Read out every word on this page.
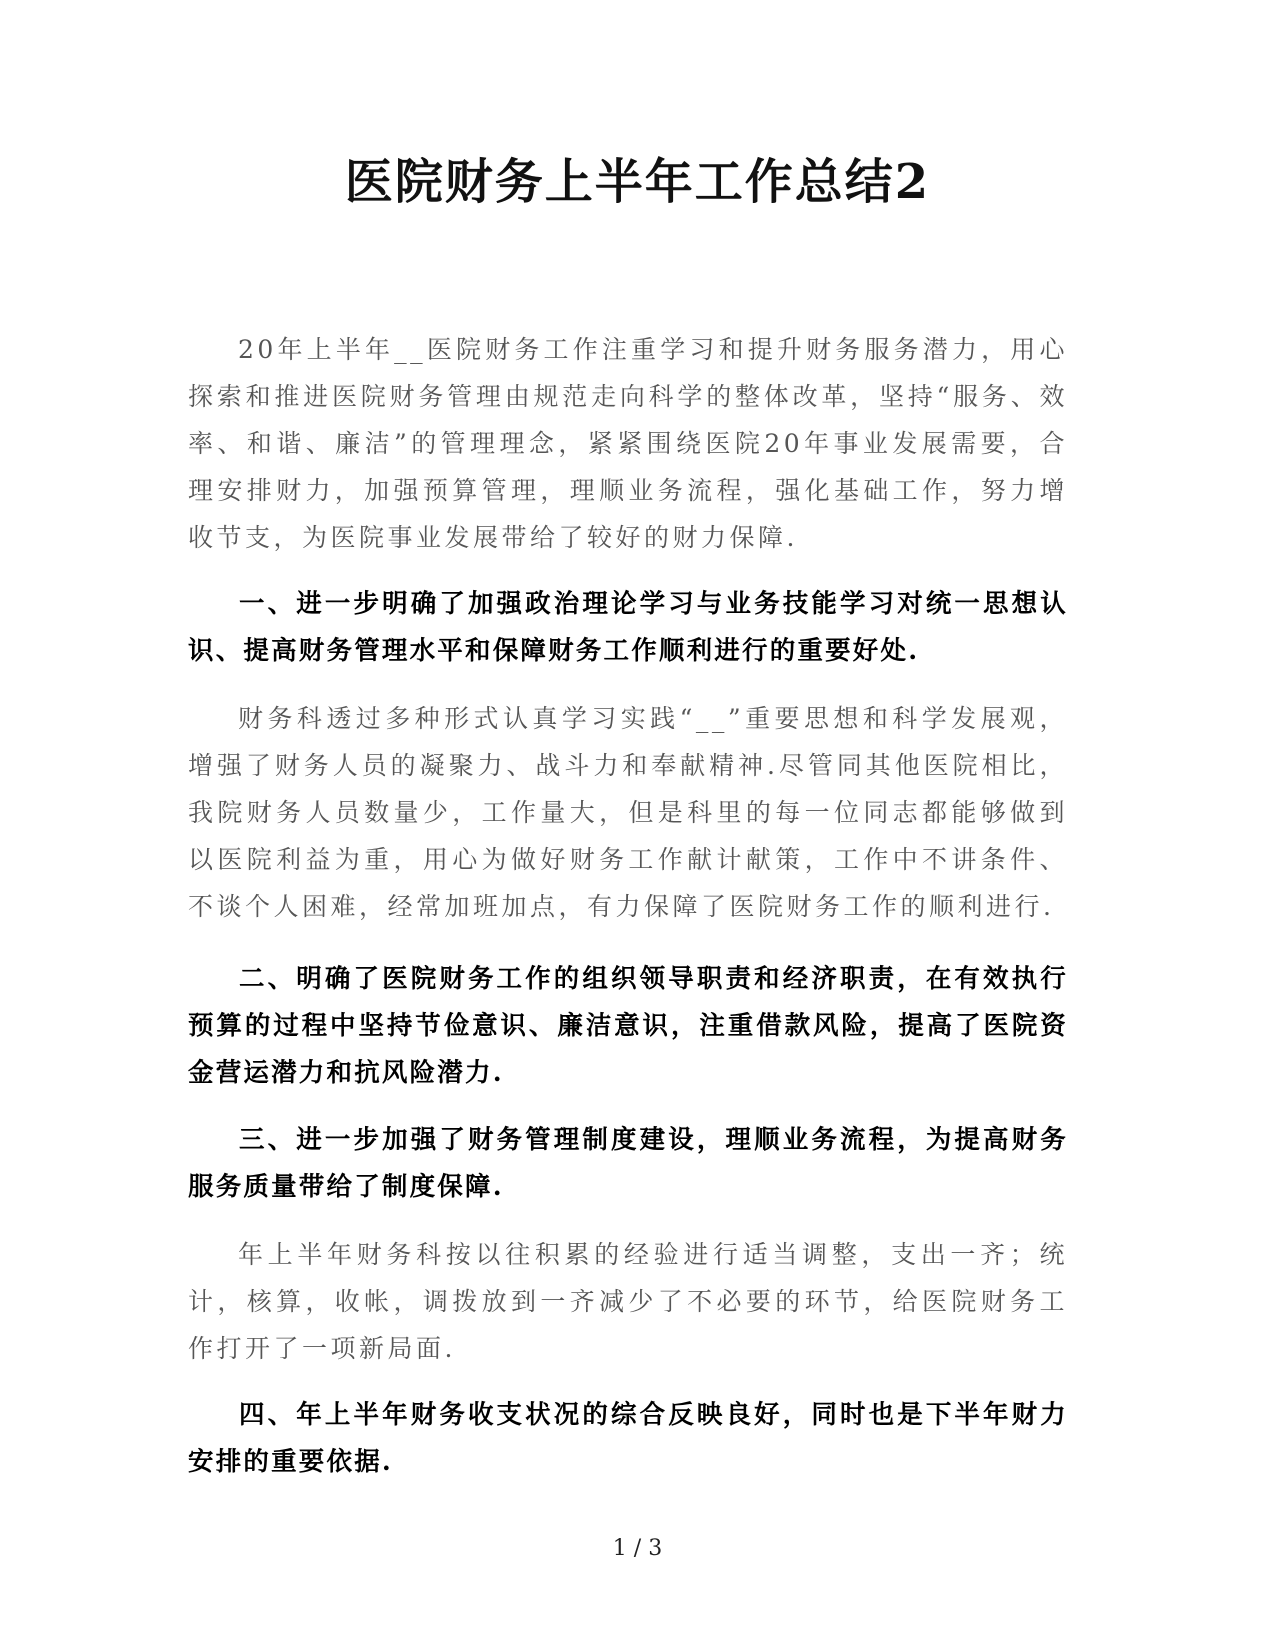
医院财务上半年工作总结2

20年上半年__医院财务工作注重学习和提升财务服务潜力，用心探索和推进医院财务管理由规范走向科学的整体改革，坚持“服务、效率、和谐、廉洁”的管理理念，紧紧围绕医院20年事业发展需要，合理安排财力，加强预算管理，理顺业务流程，强化基础工作，努力增收节支，为医院事业发展带给了较好的财力保障.

一、进一步明确了加强政治理论学习与业务技能学习对统一思想认识、提高财务管理水平和保障财务工作顺利进行的重要好处.

财务科透过多种形式认真学习实践“__”重要思想和科学发展观，增强了财务人员的凝聚力、战斗力和奉献精神.尽管同其他医院相比，我院财务人员数量少，工作量大，但是科里的每一位同志都能够做到以医院利益为重，用心为做好财务工作献计献策，工作中不讲条件、不谈个人困难，经常加班加点，有力保障了医院财务工作的顺利进行.

二、明确了医院财务工作的组织领导职责和经济职责，在有效执行预算的过程中坚持节俭意识、廉洁意识，注重借款风险，提高了医院资金营运潜力和抗风险潜力.

三、进一步加强了财务管理制度建设，理顺业务流程，为提高财务服务质量带给了制度保障.

年上半年财务科按以往积累的经验进行适当调整，支出一齐；统计，核算，收帐，调拨放到一齐减少了不必要的环节，给医院财务工作打开了一项新局面.

四、年上半年财务收支状况的综合反映良好，同时也是下半年财力安排的重要依据.

1 / 3
